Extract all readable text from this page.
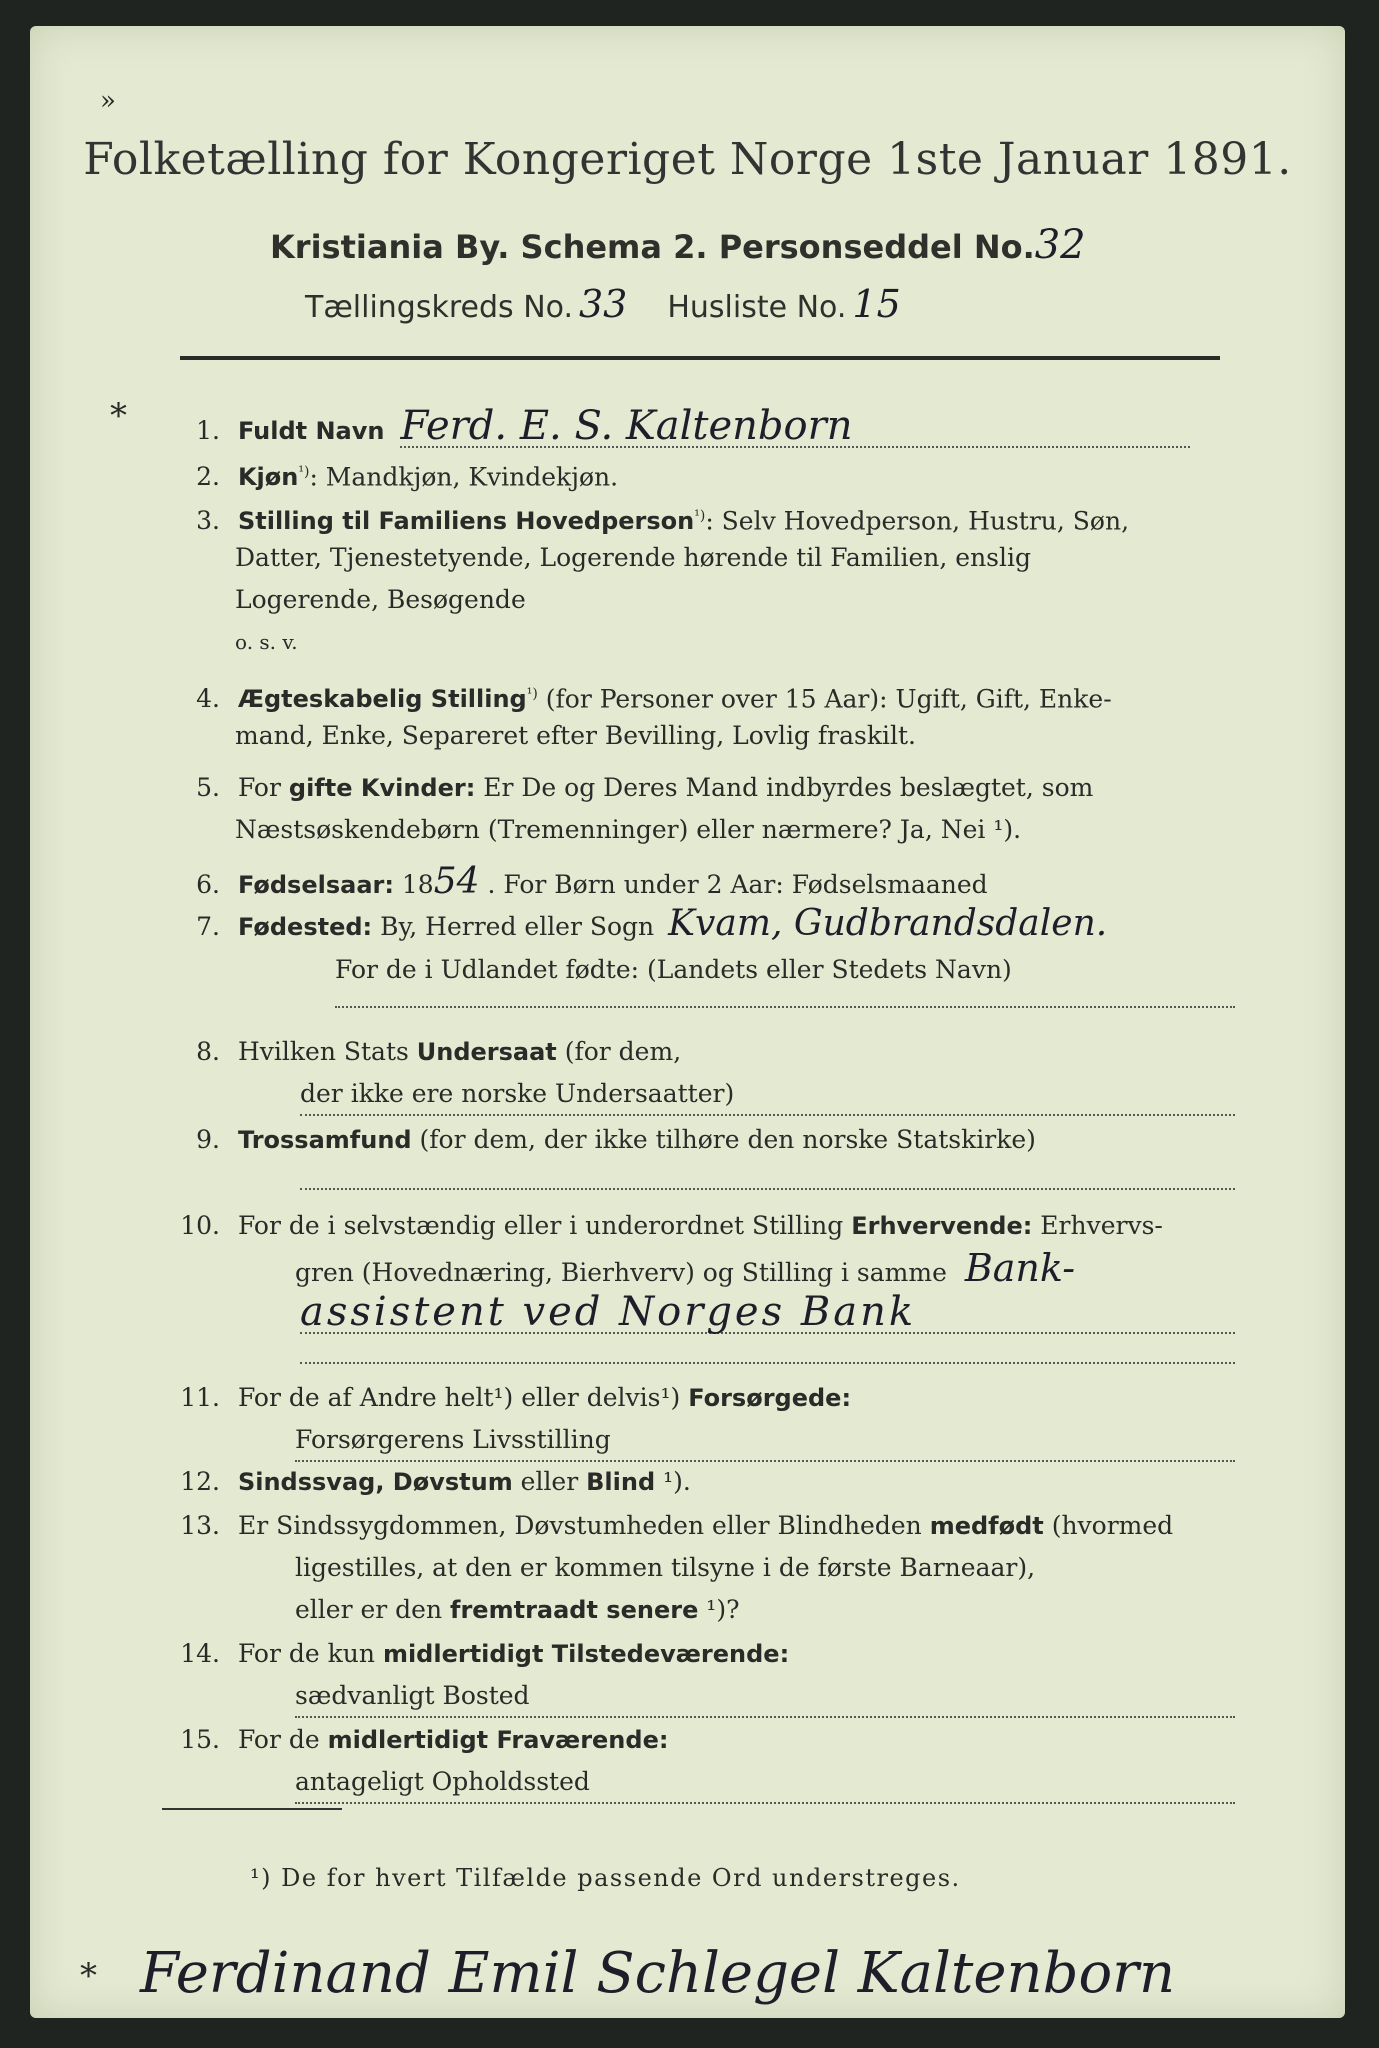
»
Folketælling for Kongeriget Norge 1ste Januar 1891.
Kristiania By. Schema 2. Personseddel No.32
Tællingskreds No. 33 Husliste No. 15
*	1. Fuldt Navn Ferd. E. S. Kaltenborn
2. Kjøn$^{^1)}$: Mandkjøn, Kvindekjøn.
3. Stilling til Familiens Hovedperson$^{^1)}$: Selv Hovedperson, Hustru, Søn,
Datter, Tjenestetyende, Logerende hørende til Familien, enslig
Logerende, Besøgende
o. s. v.
4. Ægteskabelig Stilling$^{^1)}$ (for Personer over 15 Aar): Ugift, Gift, Enke-
mand, Enke, Separeret efter Bevilling, Lovlig fraskilt.
5. For gifte Kvinder: Er De og Deres Mand indbyrdes beslægtet, som
Næstsøskendebørn (Tremenninger) eller nærmere? Ja, Nei ¹).
6. Fødselsaar: 1854 . For Børn under 2 Aar: Fødselsmaaned
7. Fødested: By, Herred eller Sogn Kvam, Gudbrandsdalen.
For de i Udlandet fødte: (Landets eller Stedets Navn)
8. Hvilken Stats Undersaat (for dem,
der ikke ere norske Undersaatter)
9. Trossamfund (for dem, der ikke tilhøre den norske Statskirke)
10. For de i selvstændig eller i underordnet Stilling Erhvervende: Erhvervs-
gren (Hovednæring, Bierhverv) og Stilling i samme Bank-
assistent ved Norges Bank
11. For de af Andre helt¹) eller delvis¹) Forsørgede:
Forsørgerens Livsstilling
12. Sindssvag, Døvstum eller Blind ¹).
13. Er Sindssygdommen, Døvstumheden eller Blindheden medfødt (hvormed
ligestilles, at den er kommen tilsyne i de første Barneaar),
eller er den fremtraadt senere ¹)?
14. For de kun midlertidigt Tilstedeværende:
sædvanligt Bosted
15. For de midlertidigt Fraværende:
antageligt Opholdssted
¹) De for hvert Tilfælde passende Ord understreges.
* Ferdinand Emil Schlegel Kaltenborn
